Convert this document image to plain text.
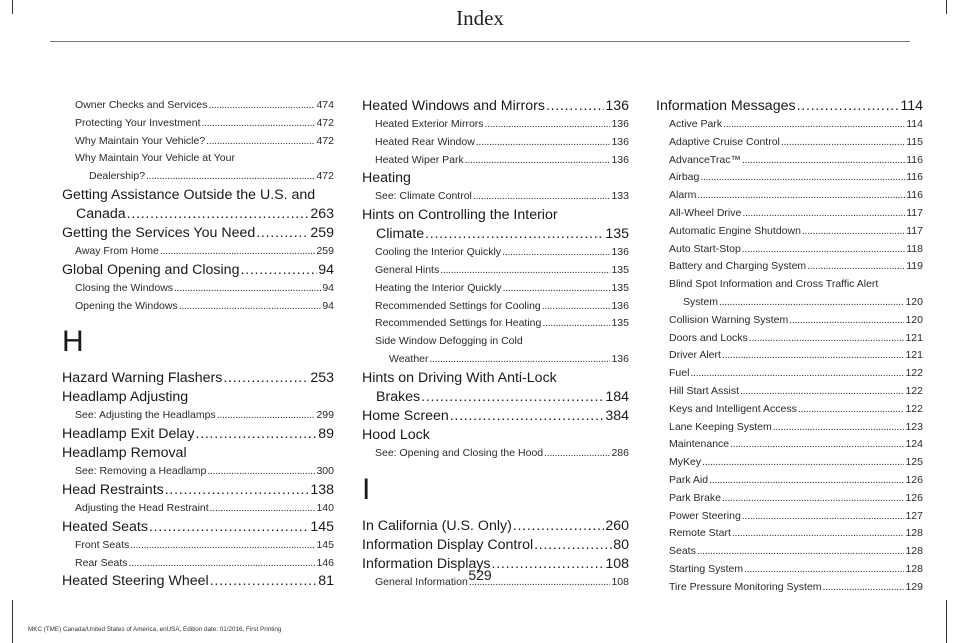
Index
Owner Checks and Services . . .	474
Protecting Your Investment . . .	472
Why Maintain Your Vehicle? . . .	472
Why Maintain Your Vehicle at Your
Dealership? . . .	472
Getting Assistance Outside the U.S. and
Canada . . .	263
Getting the Services You Need . . .	259
Away From Home . . .	259
Global Opening and Closing . . .	94
Closing the Windows . . .	94
Opening the Windows . . .	94
H
Hazard Warning Flashers . . .	253
Headlamp Adjusting
See: Adjusting the Headlamps . . .	299
Headlamp Exit Delay . . .	89
Headlamp Removal
See: Removing a Headlamp . . .	300
Head Restraints . . .	138
Adjusting the Head Restraint . . .	140
Heated Seats . . .	145
Front Seats . . .	145
Rear Seats . . .	146
Heated Steering Wheel . . .	81
Heated Windows and Mirrors . . .	136
Heated Exterior Mirrors . . .	136
Heated Rear Window . . .	136
Heated Wiper Park . . .	136
Heating
See: Climate Control . . .	133
Hints on Controlling the Interior
Climate . . .	135
Cooling the Interior Quickly . . .	136
General Hints . . .	135
Heating the Interior Quickly . . .	135
Recommended Settings for Cooling . . .	136
Recommended Settings for Heating . . .	135
Side Window Defogging in Cold
Weather . . .	136
Hints on Driving With Anti-Lock
Brakes . . .	184
Home Screen . . .	384
Hood Lock
See: Opening and Closing the Hood . . .	286
I
In California (U.S. Only) . . .	260
Information Display Control . . .	80
Information Displays . . .	108
General Information . . .	108
Information Messages . . .	114
Active Park . . .	114
Adaptive Cruise Control . . .	115
AdvanceTrac™ . . .	116
Airbag . . .	116
Alarm . . .	116
All-Wheel Drive . . .	117
Automatic Engine Shutdown . . .	117
Auto Start-Stop . . .	118
Battery and Charging System . . .	119
Blind Spot Information and Cross Traffic Alert
System . . .	120
Collision Warning System . . .	120
Doors and Locks . . .	121
Driver Alert . . .	121
Fuel . . .	122
Hill Start Assist . . .	122
Keys and Intelligent Access . . .	122
Lane Keeping System . . .	123
Maintenance . . .	124
MyKey . . .	125
Park Aid . . .	126
Park Brake . . .	126
Power Steering . . .	127
Remote Start . . .	128
Seats . . .	128
Starting System . . .	128
Tire Pressure Monitoring System . . .	129
529
MKC (TME) Canada/United States of America, enUSA, Edition date: 01/2016, First Printing
